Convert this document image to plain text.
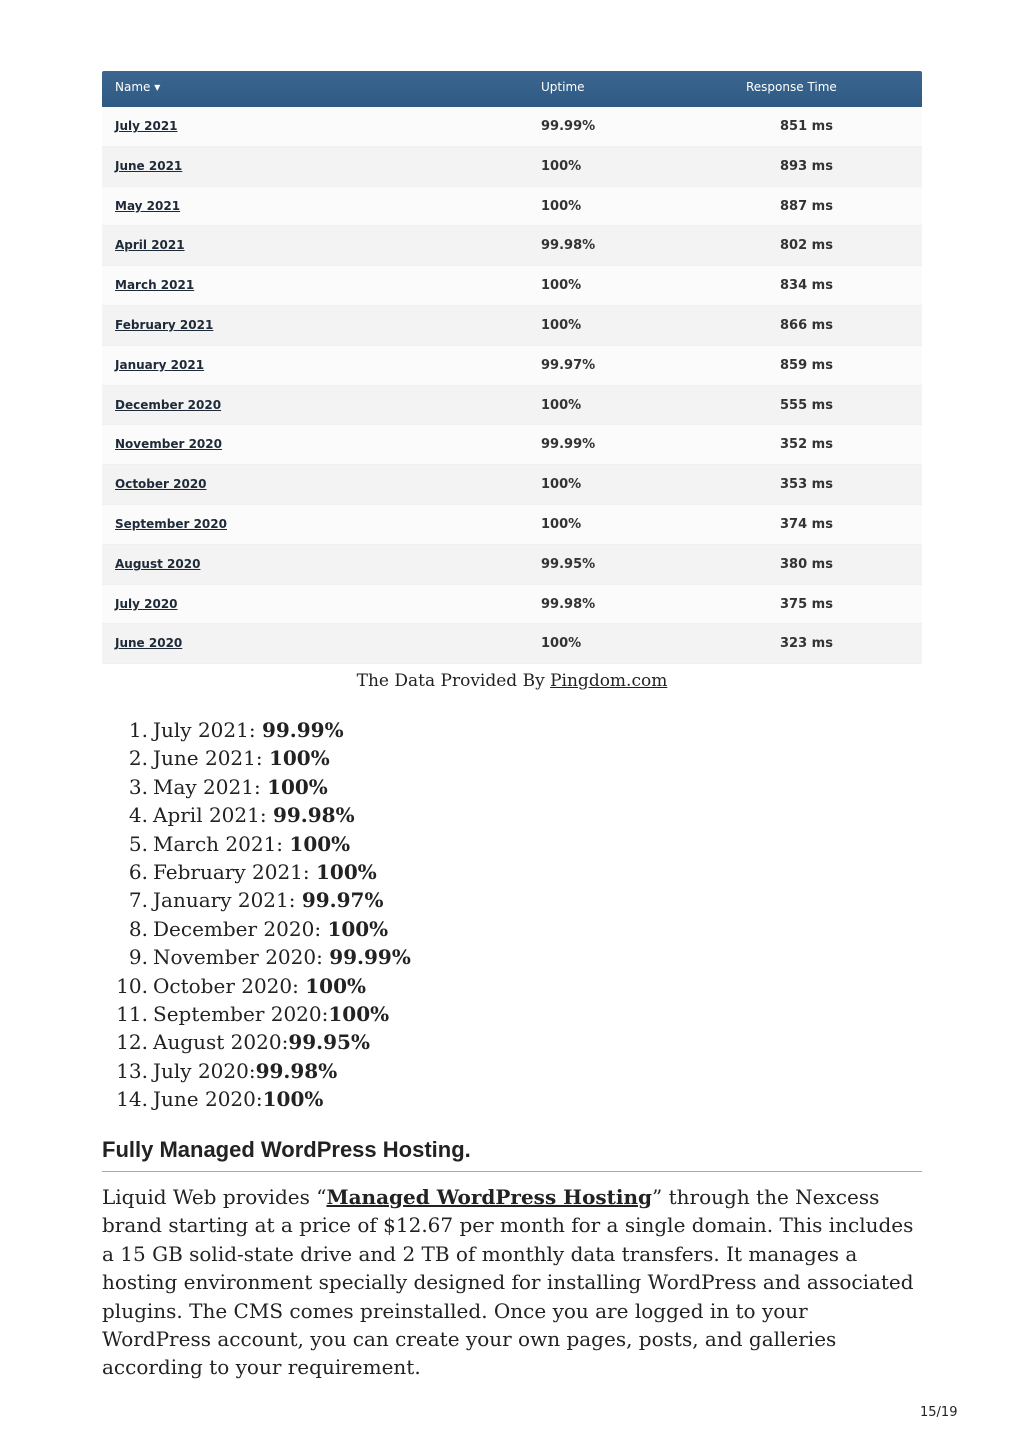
Name ▾	Uptime	Response Time
July 2021	99.99%	851 ms
June 2021	100%	893 ms
May 2021	100%	887 ms
April 2021	99.98%	802 ms
March 2021	100%	834 ms
February 2021	100%	866 ms
January 2021	99.97%	859 ms
December 2020	100%	555 ms
November 2020	99.99%	352 ms
October 2020	100%	353 ms
September 2020	100%	374 ms
August 2020	99.95%	380 ms
July 2020	99.98%	375 ms
June 2020	100%	323 ms
The Data Provided By Pingdom.com
1. July 2021: 99.99%
2. June 2021: 100%
3. May 2021: 100%
4. April 2021: 99.98%
5. March 2021: 100%
6. February 2021: 100%
7. January 2021: 99.97%
8. December 2020: 100%
9. November 2020: 99.99%
10. October 2020: 100%
11. September 2020:100%
12. August 2020:99.95%
13. July 2020:99.98%
14. June 2020:100%
Fully Managed WordPress Hosting.

Liquid Web provides “Managed WordPress Hosting” through the Nexcess brand starting at a price of $12.67 per month for a single domain. This includes a 15 GB solid-state drive and 2 TB of monthly data transfers. It manages a hosting environment specially designed for installing WordPress and associated plugins. The CMS comes preinstalled. Once you are logged in to your WordPress account, you can create your own pages, posts, and galleries according to your requirement.

15/19
